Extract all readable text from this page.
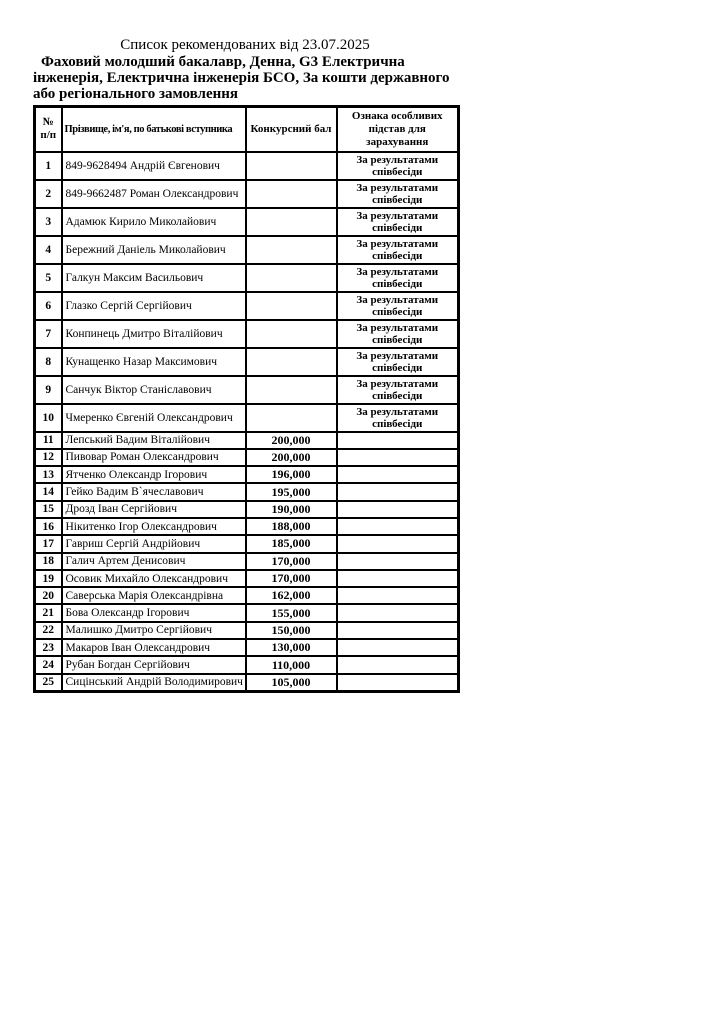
Список рекомендованих від 23.07.2025

Фаховий молодший бакалавр, Денна, G3 Електрична
інженерія, Електрична інженерія БСО, За кошти державного
або регіонального замовлення

№ п/п	Прізвище, ім'я, по батькові вступника	Конкурсний бал	Ознака особливих підстав для зарахування
1	849-9628494 Андрій Євгенович		За результатами співбесіди
2	849-9662487 Роман Олександрович		За результатами співбесіди
3	Адамюк Кирило Миколайович		За результатами співбесіди
4	Бережний Даніель Миколайович		За результатами співбесіди
5	Галкун Максим Васильович		За результатами співбесіди
6	Глазко Сергій Сергійович		За результатами співбесіди
7	Конпинець Дмитро Віталійович		За результатами співбесіди
8	Кунащенко Назар Максимович		За результатами співбесіди
9	Санчук Віктор Станіславович		За результатами співбесіди
10	Чмеренко Євгеній Олександрович		За результатами співбесіди
11	Лепський Вадим Віталійович	200,000	
12	Пивовар Роман Олександрович	200,000	
13	Ятченко Олександр Ігорович	196,000	
14	Гейко Вадим В`ячеславович	195,000	
15	Дрозд Іван Сергійович	190,000	
16	Нікитенко Ігор Олександрович	188,000	
17	Гавриш Сергій Андрійович	185,000	
18	Галич Артем Денисович	170,000	
19	Осовик Михайло Олександрович	170,000	
20	Саверська Марія Олександрівна	162,000	
21	Бова Олександр Ігорович	155,000	
22	Малишко Дмитро Сергійович	150,000	
23	Макаров Іван Олександрович	130,000	
24	Рубан Богдан Сергійович	110,000	
25	Сицінський Андрій Володимирович	105,000	
